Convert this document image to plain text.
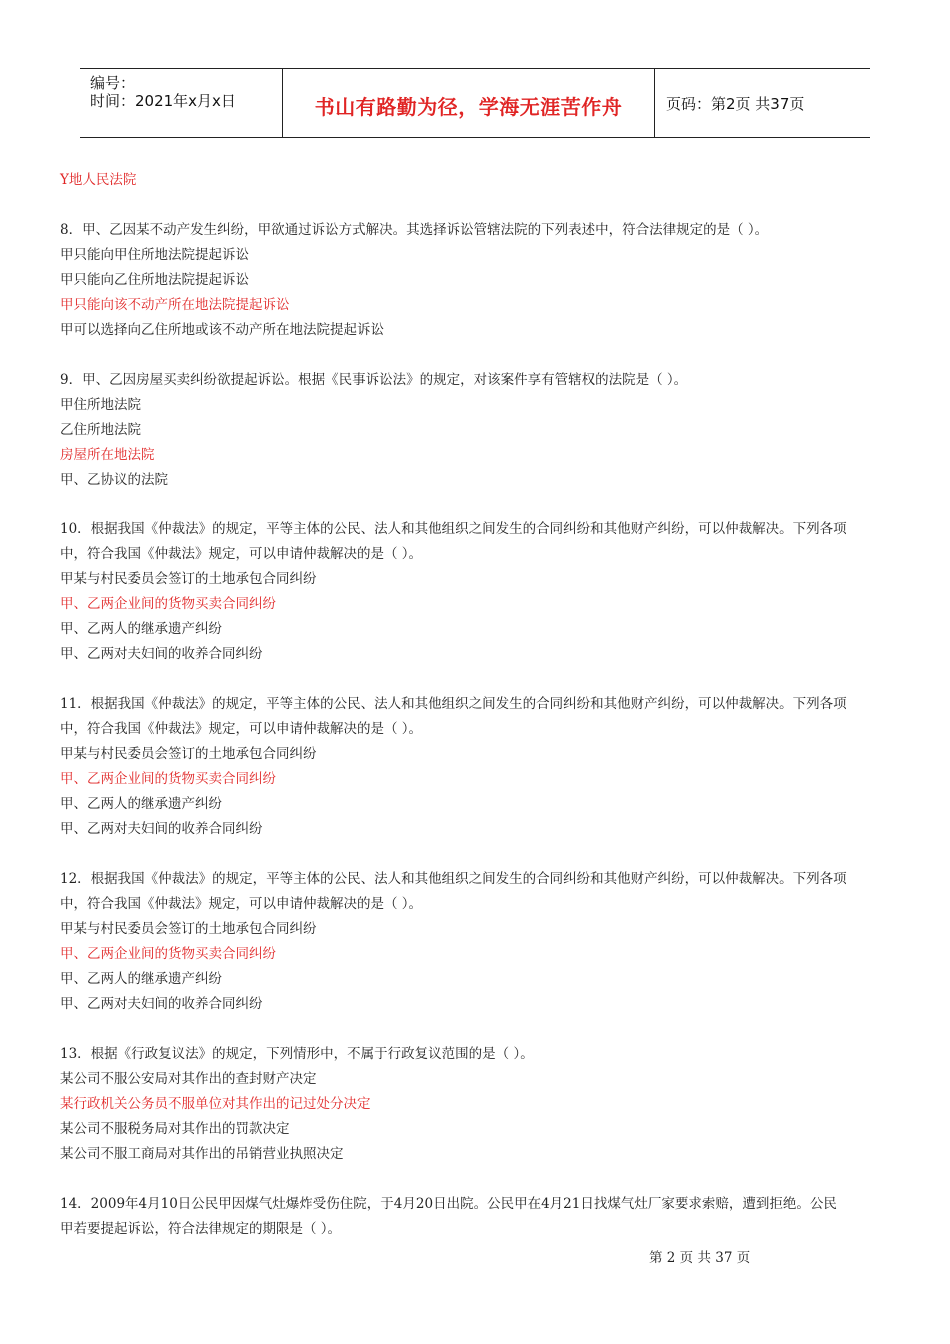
编号：
时间：2021年x月x日	书山有路勤为径，学海无涯苦作舟	页码：第2页 共37页
Y地人民法院
8．甲、乙因某不动产发生纠纷，甲欲通过诉讼方式解决。其选择诉讼管辖法院的下列表述中，符合法律规定的是（ ）。
甲只能向甲住所地法院提起诉讼
甲只能向乙住所地法院提起诉讼
甲只能向该不动产所在地法院提起诉讼
甲可以选择向乙住所地或该不动产所在地法院提起诉讼
9．甲、乙因房屋买卖纠纷欲提起诉讼。根据《民事诉讼法》的规定，对该案件享有管辖权的法院是（ ）。
甲住所地法院
乙住所地法院
房屋所在地法院
甲、乙协议的法院
10．根据我国《仲裁法》的规定，平等主体的公民、法人和其他组织之间发生的合同纠纷和其他财产纠纷，可以仲裁解决。下列各项
中，符合我国《仲裁法》规定，可以申请仲裁解决的是（ ）。
甲某与村民委员会签订的土地承包合同纠纷
甲、乙两企业间的货物买卖合同纠纷
甲、乙两人的继承遗产纠纷
甲、乙两对夫妇间的收养合同纠纷
11．根据我国《仲裁法》的规定，平等主体的公民、法人和其他组织之间发生的合同纠纷和其他财产纠纷，可以仲裁解决。下列各项
中，符合我国《仲裁法》规定，可以申请仲裁解决的是（ ）。
甲某与村民委员会签订的土地承包合同纠纷
甲、乙两企业间的货物买卖合同纠纷
甲、乙两人的继承遗产纠纷
甲、乙两对夫妇间的收养合同纠纷
12．根据我国《仲裁法》的规定，平等主体的公民、法人和其他组织之间发生的合同纠纷和其他财产纠纷，可以仲裁解决。下列各项
中，符合我国《仲裁法》规定，可以申请仲裁解决的是（ ）。
甲某与村民委员会签订的土地承包合同纠纷
甲、乙两企业间的货物买卖合同纠纷
甲、乙两人的继承遗产纠纷
甲、乙两对夫妇间的收养合同纠纷
13．根据《行政复议法》的规定，下列情形中，不属于行政复议范围的是（ ）。
某公司不服公安局对其作出的查封财产决定
某行政机关公务员不服单位对其作出的记过处分决定
某公司不服税务局对其作出的罚款决定
某公司不服工商局对其作出的吊销营业执照决定
14．2009年4月10日公民甲因煤气灶爆炸受伤住院，于4月20日出院。公民甲在4月21日找煤气灶厂家要求索赔，遭到拒绝。公民
甲若要提起诉讼，符合法律规定的期限是（ ）。
第 2 页 共 37 页
